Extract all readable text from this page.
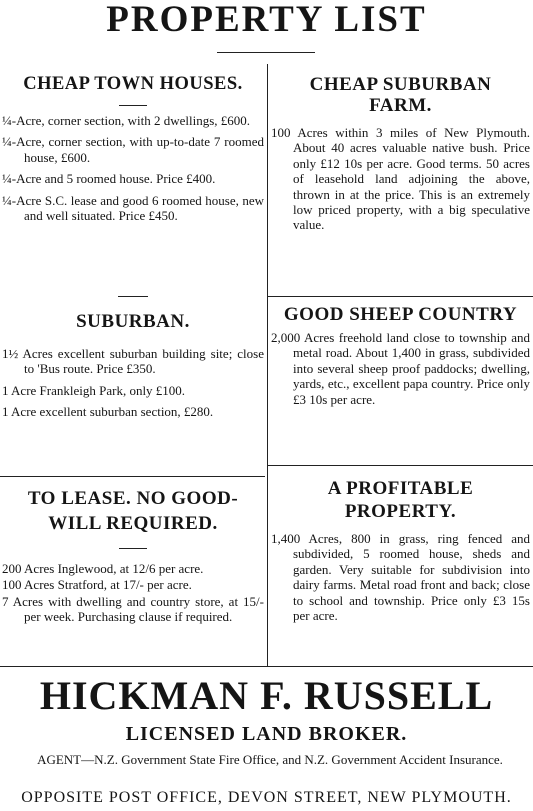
PROPERTY LIST
CHEAP TOWN HOUSES.

¼-Acre, corner section, with 2 dwellings, £600.

¼-Acre, corner section, with up-to-date 7 roomed house, £600.

¼-Acre and 5 roomed house. Price £400.

¼-Acre S.C. lease and good 6 roomed house, new and well situated. Price £450.

SUBURBAN.

1½ Acres excellent suburban building site; close to 'Bus route. Price £350.

1 Acre Frankleigh Park, only £100.

1 Acre excellent suburban section, £280.

TO LEASE. NO GOOD-WILL REQUIRED.

200 Acres Inglewood, at 12/6 per acre.

100 Acres Stratford, at 17/- per acre.

7 Acres with dwelling and country store, at 15/- per week. Purchasing clause if required.

CHEAP SUBURBAN FARM.

100 Acres within 3 miles of New Plymouth. About 40 acres valuable native bush. Price only £12 10s per acre. Good terms. 50 acres of leasehold land adjoining the above, thrown in at the price. This is an extremely low priced property, with a big speculative value.

GOOD SHEEP COUNTRY

2,000 Acres freehold land close to township and metal road. About 1,400 in grass, subdivided into several sheep proof paddocks; dwelling, yards, etc., excellent papa country. Price only £3 10s per acre.

A PROFITABLE PROPERTY.

1,400 Acres, 800 in grass, ring fenced and subdivided, 5 roomed house, sheds and garden. Very suitable for subdivision into dairy farms. Metal road front and back; close to school and township. Price only £3 15s per acre.

HICKMAN F. RUSSELL
LICENSED LAND BROKER.
AGENT—N.Z. Government State Fire Office, and N.Z. Government Accident Insurance.
OPPOSITE POST OFFICE, DEVON STREET, NEW PLYMOUTH.
